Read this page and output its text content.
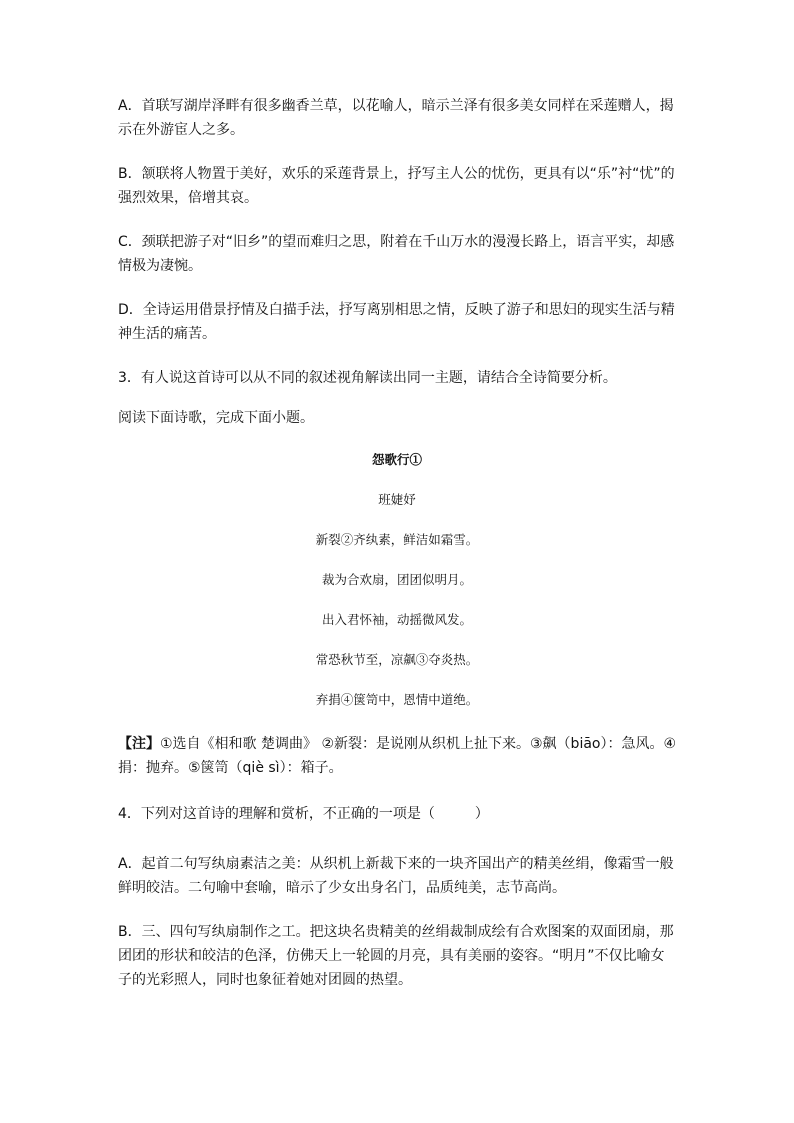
A．首联写湖岸泽畔有很多幽香兰草，以花喻人，暗示兰泽有很多美女同样在采莲赠人，揭示在外游宦人之多。
B．颔联将人物置于美好，欢乐的采莲背景上，抒写主人公的忧伤，更具有以“乐”衬“忧”的强烈效果，倍增其哀。
C．颈联把游子对“旧乡”的望而难归之思，附着在千山万水的漫漫长路上，语言平实，却感情极为凄惋。
D．全诗运用借景抒情及白描手法，抒写离别相思之情，反映了游子和思妇的现实生活与精神生活的痛苦。
3．有人说这首诗可以从不同的叙述视角解读出同一主题，请结合全诗简要分析。
阅读下面诗歌，完成下面小题。
怨歌行①
班婕妤
新裂②齐纨素，鲜洁如霜雪。
裁为合欢扇，团团似明月。
出入君怀袖，动摇微风发。
常恐秋节至，凉飙③夺炎热。
弃捐④箧笥中，恩情中道绝。
【注】①选自《相和歌 楚调曲》 ②新裂：是说刚从织机上扯下来。③飙（biāo）：急风。④捐：抛弃。⑤箧笥（qiè sì）：箱子。
4．下列对这首诗的理解和赏析，不正确的一项是（	）
A．起首二句写纨扇素洁之美：从织机上新裁下来的一块齐国出产的精美丝绢，像霜雪一般鲜明皎洁。二句喻中套喻，暗示了少女出身名门，品质纯美，志节高尚。
B．三、四句写纨扇制作之工。把这块名贵精美的丝绢裁制成绘有合欢图案的双面团扇，那团团的形状和皎洁的色泽，仿佛天上一轮圆的月亮，具有美丽的姿容。“明月”不仅比喻女子的光彩照人，同时也象征着她对团圆的热望。
